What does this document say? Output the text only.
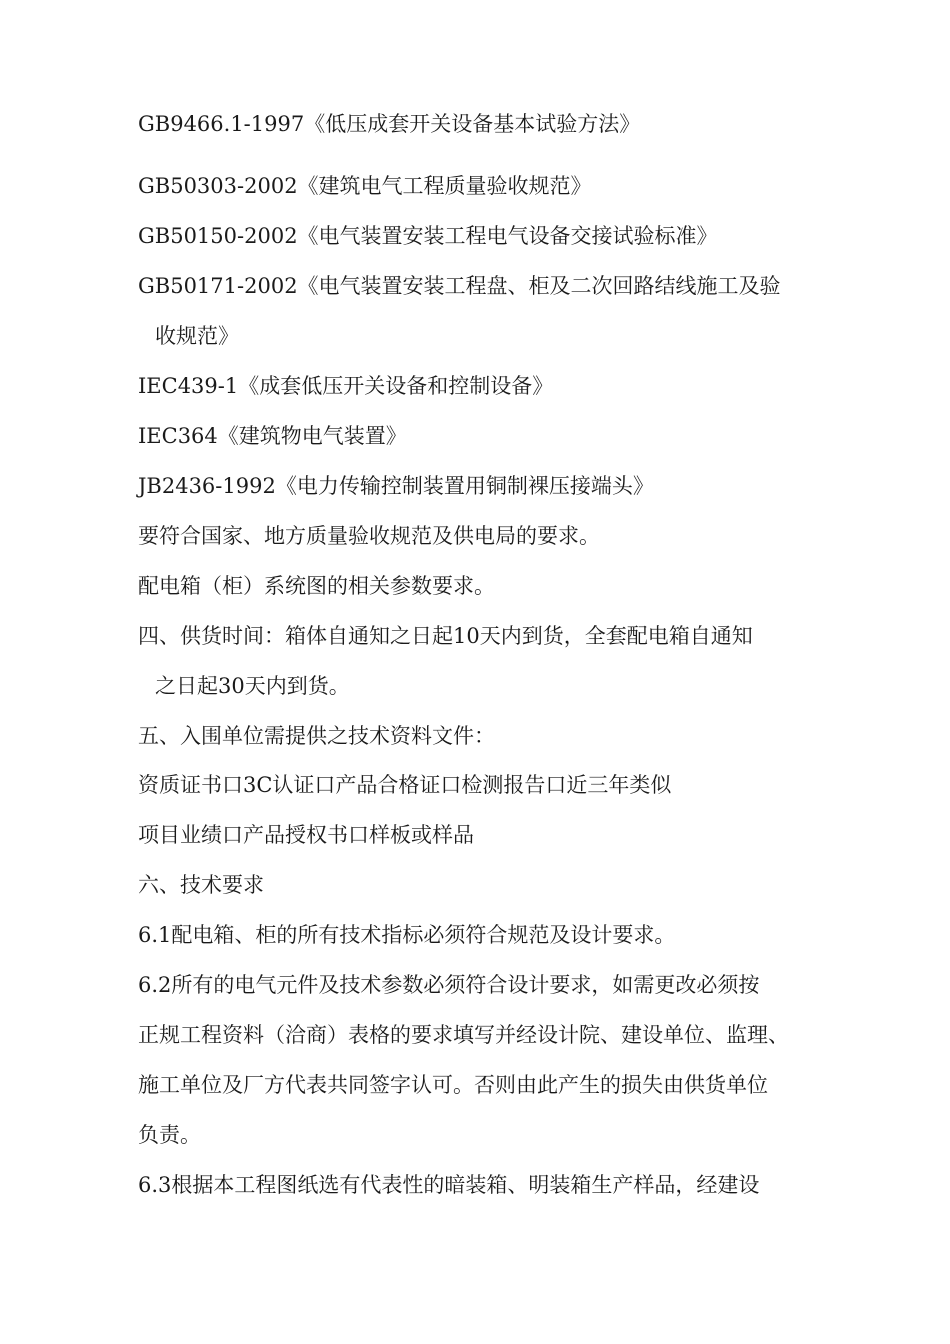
GB9466.1-1997《低压成套开关设备基本试验方法》
GB50303-2002《建筑电气工程质量验收规范》
GB50150-2002《电气装置安装工程电气设备交接试验标准》
GB50171-2002《电气装置安装工程盘、柜及二次回路结线施工及验
收规范》
IEC439-1《成套低压开关设备和控制设备》
IEC364《建筑物电气装置》
JB2436-1992《电力传输控制装置用铜制裸压接端头》
要符合国家、地方质量验收规范及供电局的要求。
配电箱（柜）系统图的相关参数要求。
四、供货时间：箱体自通知之日起10天内到货，全套配电箱自通知
之日起30天内到货。
五、入围单位需提供之技术资料文件：
资质证书口3C认证口产品合格证口检测报告口近三年类似
项目业绩口产品授权书口样板或样品
六、技术要求
6.1配电箱、柜的所有技术指标必须符合规范及设计要求。
6.2所有的电气元件及技术参数必须符合设计要求，如需更改必须按
正规工程资料（洽商）表格的要求填写并经设计院、建设单位、监理、
施工单位及厂方代表共同签字认可。否则由此产生的损失由供货单位
负责。
6.3根据本工程图纸选有代表性的暗装箱、明装箱生产样品，经建设
